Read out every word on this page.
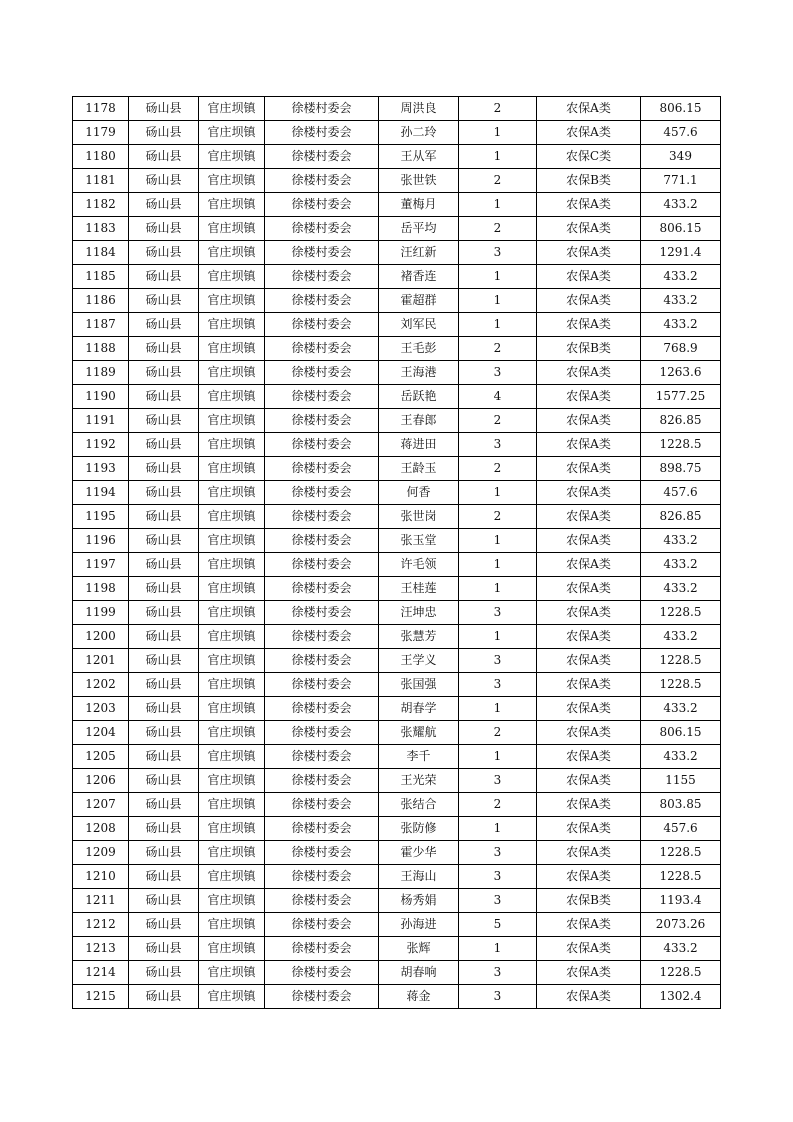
1178	砀山县	官庄坝镇	徐楼村委会	周洪良	2	农保A类	806.15
1179	砀山县	官庄坝镇	徐楼村委会	孙二玲	1	农保A类	457.6
1180	砀山县	官庄坝镇	徐楼村委会	王从军	1	农保C类	349
1181	砀山县	官庄坝镇	徐楼村委会	张世铁	2	农保B类	771.1
1182	砀山县	官庄坝镇	徐楼村委会	董梅月	1	农保A类	433.2
1183	砀山县	官庄坝镇	徐楼村委会	岳平均	2	农保A类	806.15
1184	砀山县	官庄坝镇	徐楼村委会	汪红新	3	农保A类	1291.4
1185	砀山县	官庄坝镇	徐楼村委会	褚香连	1	农保A类	433.2
1186	砀山县	官庄坝镇	徐楼村委会	霍超群	1	农保A类	433.2
1187	砀山县	官庄坝镇	徐楼村委会	刘军民	1	农保A类	433.2
1188	砀山县	官庄坝镇	徐楼村委会	王毛彭	2	农保B类	768.9
1189	砀山县	官庄坝镇	徐楼村委会	王海港	3	农保A类	1263.6
1190	砀山县	官庄坝镇	徐楼村委会	岳跃艳	4	农保A类	1577.25
1191	砀山县	官庄坝镇	徐楼村委会	王春郎	2	农保A类	826.85
1192	砀山县	官庄坝镇	徐楼村委会	蒋进田	3	农保A类	1228.5
1193	砀山县	官庄坝镇	徐楼村委会	王龄玉	2	农保A类	898.75
1194	砀山县	官庄坝镇	徐楼村委会	何香	1	农保A类	457.6
1195	砀山县	官庄坝镇	徐楼村委会	张世岗	2	农保A类	826.85
1196	砀山县	官庄坝镇	徐楼村委会	张玉堂	1	农保A类	433.2
1197	砀山县	官庄坝镇	徐楼村委会	许毛领	1	农保A类	433.2
1198	砀山县	官庄坝镇	徐楼村委会	王桂莲	1	农保A类	433.2
1199	砀山县	官庄坝镇	徐楼村委会	汪坤忠	3	农保A类	1228.5
1200	砀山县	官庄坝镇	徐楼村委会	张慧芳	1	农保A类	433.2
1201	砀山县	官庄坝镇	徐楼村委会	王学义	3	农保A类	1228.5
1202	砀山县	官庄坝镇	徐楼村委会	张国强	3	农保A类	1228.5
1203	砀山县	官庄坝镇	徐楼村委会	胡春学	1	农保A类	433.2
1204	砀山县	官庄坝镇	徐楼村委会	张耀航	2	农保A类	806.15
1205	砀山县	官庄坝镇	徐楼村委会	李千	1	农保A类	433.2
1206	砀山县	官庄坝镇	徐楼村委会	王光荣	3	农保A类	1155
1207	砀山县	官庄坝镇	徐楼村委会	张结合	2	农保A类	803.85
1208	砀山县	官庄坝镇	徐楼村委会	张防修	1	农保A类	457.6
1209	砀山县	官庄坝镇	徐楼村委会	霍少华	3	农保A类	1228.5
1210	砀山县	官庄坝镇	徐楼村委会	王海山	3	农保A类	1228.5
1211	砀山县	官庄坝镇	徐楼村委会	杨秀娟	3	农保B类	1193.4
1212	砀山县	官庄坝镇	徐楼村委会	孙海进	5	农保A类	2073.26
1213	砀山县	官庄坝镇	徐楼村委会	张辉	1	农保A类	433.2
1214	砀山县	官庄坝镇	徐楼村委会	胡春响	3	农保A类	1228.5
1215	砀山县	官庄坝镇	徐楼村委会	蒋金	3	农保A类	1302.4
